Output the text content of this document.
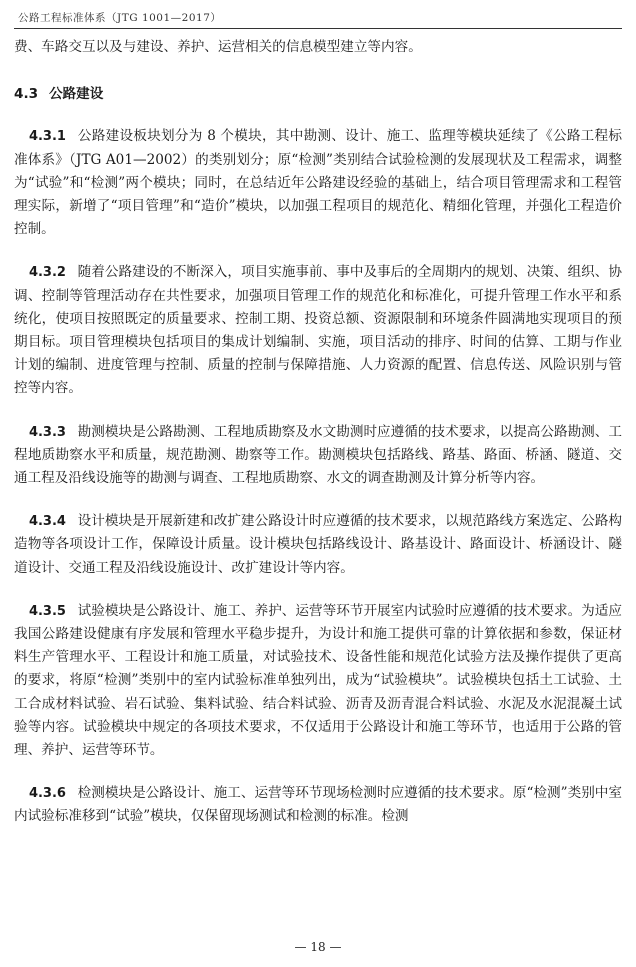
公路工程标准体系（JTG 1001—2017）

费、车路交互以及与建设、养护、运营相关的信息模型建立等内容。

4.3 公路建设

4.3.1 公路建设板块划分为 8 个模块，其中勘测、设计、施工、监理等模块延续了《公路工程标准体系》（JTG A01—2002）的类别划分；原“检测”类别结合试验检测的发展现状及工程需求，调整为“试验”和“检测”两个模块；同时，在总结近年公路建设经验的基础上，结合项目管理需求和工程管理实际，新增了“项目管理”和“造价”模块，以加强工程项目的规范化、精细化管理，并强化工程造价控制。

4.3.2 随着公路建设的不断深入，项目实施事前、事中及事后的全周期内的规划、决策、组织、协调、控制等管理活动存在共性要求，加强项目管理工作的规范化和标准化，可提升管理工作水平和系统化，使项目按照既定的质量要求、控制工期、投资总额、资源限制和环境条件圆满地实现项目的预期目标。项目管理模块包括项目的集成计划编制、实施，项目活动的排序、时间的估算、工期与作业计划的编制、进度管理与控制、质量的控制与保障措施、人力资源的配置、信息传送、风险识别与管控等内容。

4.3.3 勘测模块是公路勘测、工程地质勘察及水文勘测时应遵循的技术要求，以提高公路勘测、工程地质勘察水平和质量，规范勘测、勘察等工作。勘测模块包括路线、路基、路面、桥涵、隧道、交通工程及沿线设施等的勘测与调查、工程地质勘察、水文的调查勘测及计算分析等内容。

4.3.4 设计模块是开展新建和改扩建公路设计时应遵循的技术要求，以规范路线方案选定、公路构造物等各项设计工作，保障设计质量。设计模块包括路线设计、路基设计、路面设计、桥涵设计、隧道设计、交通工程及沿线设施设计、改扩建设计等内容。

4.3.5 试验模块是公路设计、施工、养护、运营等环节开展室内试验时应遵循的技术要求。为适应我国公路建设健康有序发展和管理水平稳步提升，为设计和施工提供可靠的计算依据和参数，保证材料生产管理水平、工程设计和施工质量，对试验技术、设备性能和规范化试验方法及操作提供了更高的要求，将原“检测”类别中的室内试验标准单独列出，成为“试验模块”。试验模块包括土工试验、土工合成材料试验、岩石试验、集料试验、结合料试验、沥青及沥青混合料试验、水泥及水泥混凝土试验等内容。试验模块中规定的各项技术要求，不仅适用于公路设计和施工等环节，也适用于公路的管理、养护、运营等环节。

4.3.6 检测模块是公路设计、施工、运营等环节现场检测时应遵循的技术要求。原“检测”类别中室内试验标准移到“试验”模块，仅保留现场测试和检测的标准。检测

— 18 —
